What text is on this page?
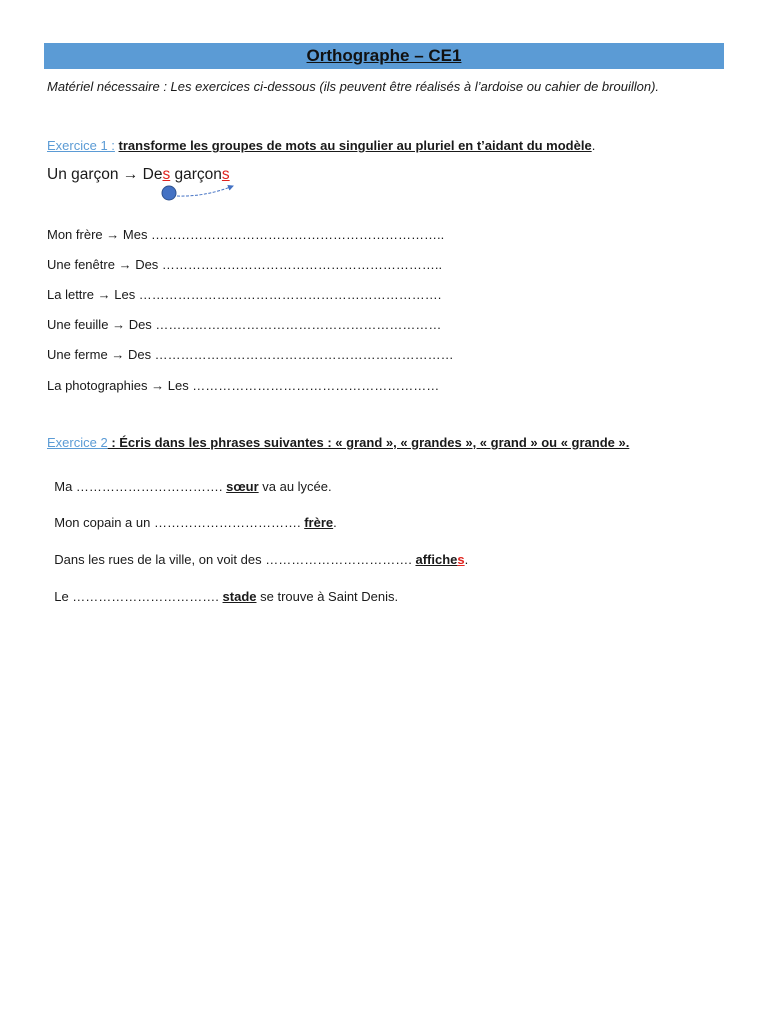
Orthographe – CE1
Matériel nécessaire : Les exercices ci-dessous (ils peuvent être réalisés à l’ardoise ou cahier de brouillon).
Exercice 1 : transforme les groupes de mots au singulier au pluriel en t’aidant du modèle.
Un garçon → Des garçons
Mon frère → Mes …………………………………………………………..
Une fenêtre → Des ………………………………………………………..
La lettre → Les …………………………………………………………….
Une feuille → Des …………………………………………………………
Une ferme → Des ……………………………………………………………
La photographies → Les …………………………………………………
Exercice 2 : Écris dans les phrases suivantes : « grand », « grandes », « grand » ou « grande ».

Ma ……………………………. sœur va au lycée.

Mon copain a un ……………………………. frère.

Dans les rues de la ville, on voit des ……………………………. affiches.

Le ……………………………. stade se trouve à Saint Denis.
